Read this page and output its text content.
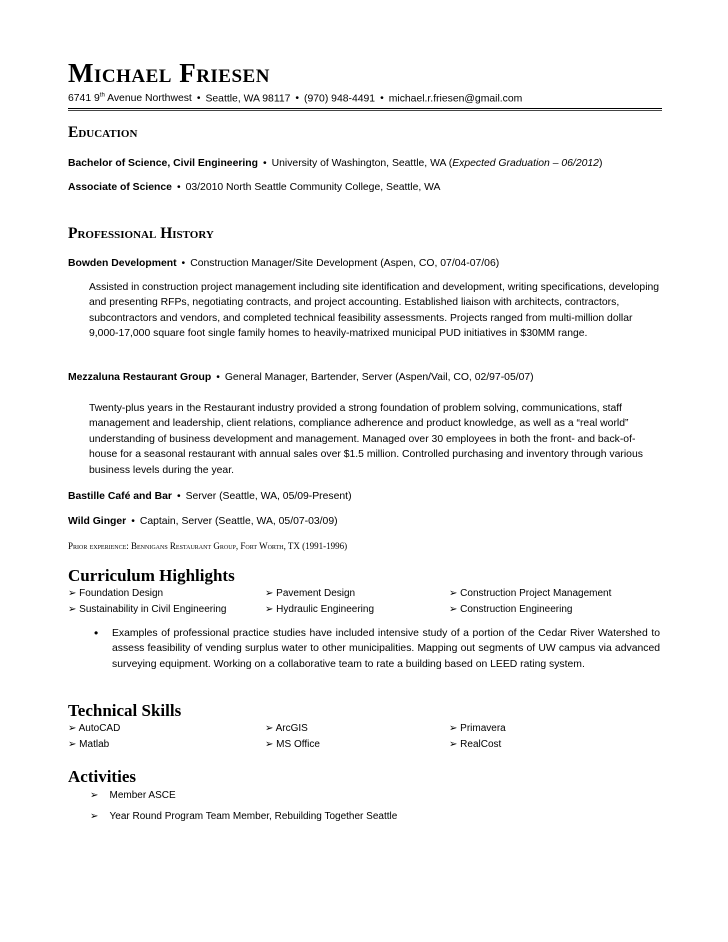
Michael Friesen
6741 9th Avenue Northwest • Seattle, WA 98117 • (970) 948-4491 • michael.r.friesen@gmail.com
Education
Bachelor of Science, Civil Engineering • University of Washington, Seattle, WA (Expected Graduation – 06/2012)
Associate of Science • 03/2010 North Seattle Community College, Seattle, WA
Professional History
Bowden Development • Construction Manager/Site Development (Aspen, CO, 07/04-07/06)
Assisted in construction project management including site identification and development, writing specifications, developing and presenting RFPs, negotiating contracts, and project accounting. Established liaison with architects, contractors, subcontractors and vendors, and completed technical feasibility assessments. Projects ranged from multi-million dollar 9,000-17,000 square foot single family homes to heavily-matrixed municipal PUD initiatives in $30MM range.
Mezzaluna Restaurant Group • General Manager, Bartender, Server (Aspen/Vail, CO, 02/97-05/07)
Twenty-plus years in the Restaurant industry provided a strong foundation of problem solving, communications, staff management and leadership, client relations, compliance adherence and product knowledge, as well as a “real world” understanding of business development and management. Managed over 30 employees in both the front- and back-of-house for a seasonal restaurant with annual sales over $1.5 million. Controlled purchasing and inventory through various business levels during the year.
Bastille Café and Bar • Server (Seattle, WA, 05/09-Present)
Wild Ginger • Captain, Server (Seattle, WA, 05/07-03/09)
Prior experience: Bennigans Restaurant Group, Fort Worth, TX (1991-1996)
Curriculum Highlights
➢ Foundation Design	➢ Pavement Design	➢ Construction Project Management
➢ Sustainability in Civil Engineering	➢ Hydraulic Engineering	➢ Construction Engineering
• Examples of professional practice studies have included intensive study of a portion of the Cedar River Watershed to assess feasibility of vending surplus water to other municipalities. Mapping out segments of UW campus via advanced surveying equipment. Working on a collaborative team to rate a building based on LEED rating system.
Technical Skills
➢ AutoCAD	➢ ArcGIS	➢ Primavera
➢ Matlab	➢ MS Office	➢ RealCost
Activities
➢ Member ASCE
➢ Year Round Program Team Member, Rebuilding Together Seattle
